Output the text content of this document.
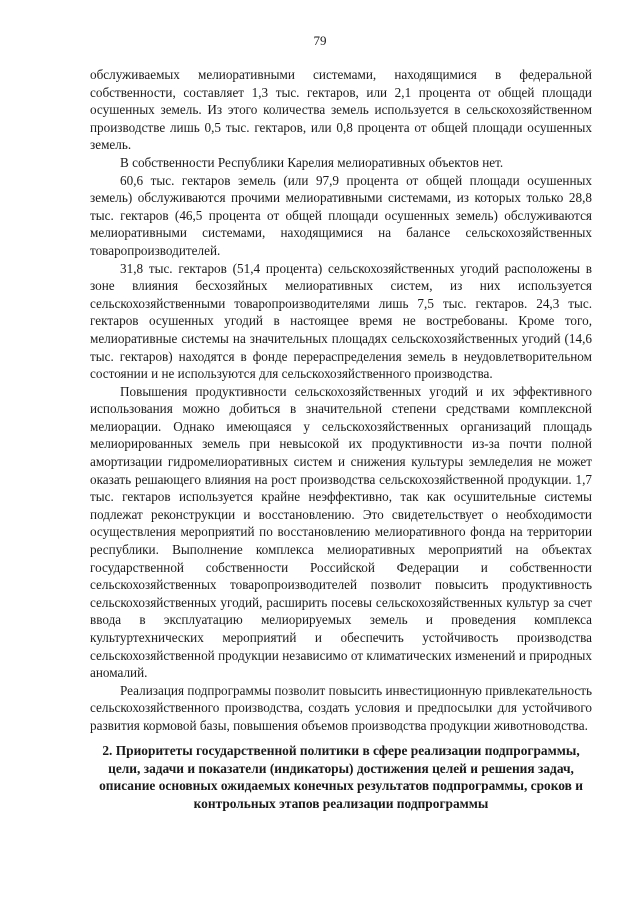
79

обслуживаемых мелиоративными системами, находящимися в федеральной собственности, составляет 1,3 тыс. гектаров, или 2,1 процента от общей площади осушенных земель. Из этого количества земель используется в сельскохозяйственном производстве лишь 0,5 тыс. гектаров, или 0,8 процента от общей площади осушенных земель.

В собственности Республики Карелия мелиоративных объектов нет.

60,6 тыс. гектаров земель (или 97,9 процента от общей площади осушенных земель) обслуживаются прочими мелиоративными системами, из которых только 28,8 тыс. гектаров (46,5 процента от общей площади осушенных земель) обслуживаются мелиоративными системами, находящимися на балансе сельскохозяйственных товаропроизводителей.

31,8 тыс. гектаров (51,4 процента) сельскохозяйственных угодий расположены в зоне влияния бесхозяйных мелиоративных систем, из них используется сельскохозяйственными товаропроизводителями лишь 7,5 тыс. гектаров. 24,3 тыс. гектаров осушенных угодий в настоящее время не востребованы. Кроме того, мелиоративные системы на значительных площадях сельскохозяйственных угодий (14,6 тыс. гектаров) находятся в фонде перераспределения земель в неудовлетворительном состоянии и не используются для сельскохозяйственного производства.

Повышения продуктивности сельскохозяйственных угодий и их эффективного использования можно добиться в значительной степени средствами комплексной мелиорации. Однако имеющаяся у сельскохозяйственных организаций площадь мелиорированных земель при невысокой их продуктивности из-за почти полной амортизации гидромелиоративных систем и снижения культуры земледелия не может оказать решающего влияния на рост производства сельскохозяйственной продукции. 1,7 тыс. гектаров используется крайне неэффективно, так как осушительные системы подлежат реконструкции и восстановлению. Это свидетельствует о необходимости осуществления мероприятий по восстановлению мелиоративного фонда на территории республики. Выполнение комплекса мелиоративных мероприятий на объектах государственной собственности Российской Федерации и собственности сельскохозяйственных товаропроизводителей позволит повысить продуктивность сельскохозяйственных угодий, расширить посевы сельскохозяйственных культур за счет ввода в эксплуатацию мелиорируемых земель и проведения комплекса культуртехнических мероприятий и обеспечить устойчивость производства сельскохозяйственной продукции независимо от климатических изменений и природных аномалий.

Реализация подпрограммы позволит повысить инвестиционную привлекательность сельскохозяйственного производства, создать условия и предпосылки для устойчивого развития кормовой базы, повышения объемов производства продукции животноводства.

2. Приоритеты государственной политики в сфере реализации подпрограммы, цели, задачи и показатели (индикаторы) достижения целей и решения задач, описание основных ожидаемых конечных результатов подпрограммы, сроков и контрольных этапов реализации подпрограммы
